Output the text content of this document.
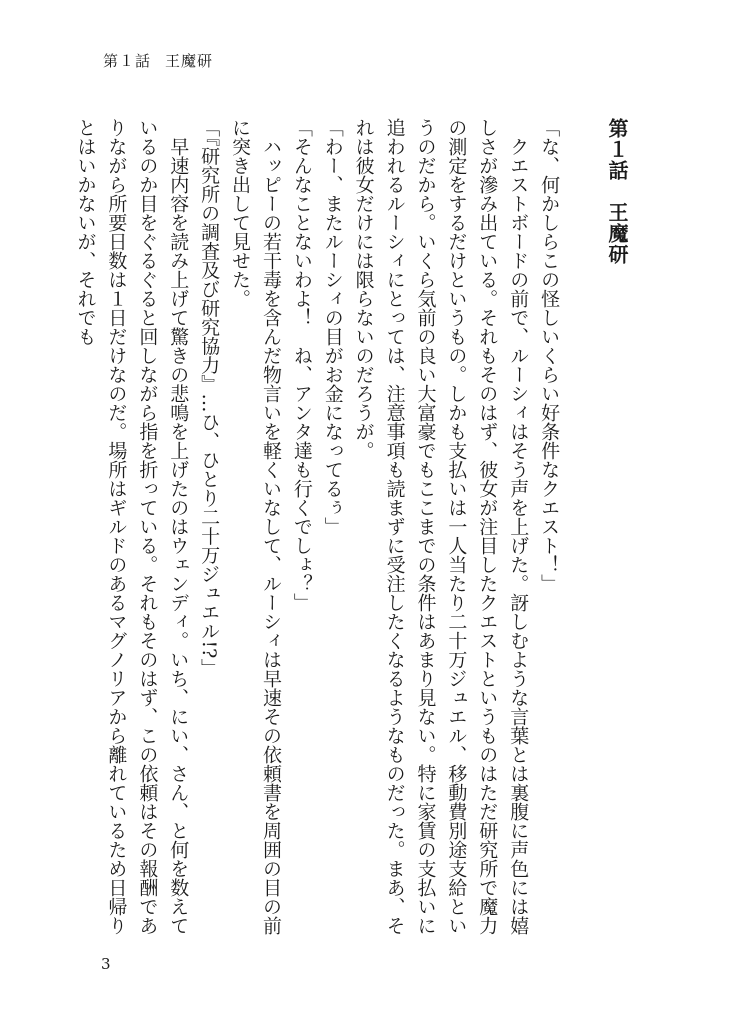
第１話 王魔研
第１話　王魔研

「な、何かしらこの怪しいくらい好条件なクエスト！」

クエストボードの前で、ルーシィはそう声を上げた。訝しむような言葉とは裏腹に声色には嬉しさが滲み出ている。それもそのはず、彼女が注目したクエストというものはただ研究所で魔力の測定をするだけというもの。しかも支払いは一人当たり二十万ジュエル、移動費別途支給というのだから。いくら気前の良い大富豪でもここまでの条件はあまり見ない。特に家賃の支払いに追われるルーシィにとっては、注意事項も読まずに受注したくなるようなものだった。まあ、それは彼女だけには限らないのだろうが。

「わー、またルーシィの目がお金になってるぅ」

「そんなことないわよ！　ね、アンタ達も行くでしょ？」

ハッピーの若干毒を含んだ物言いを軽くいなして、ルーシィは早速その依頼書を周囲の目の前に突き出して見せた。

「『研究所の調査及び研究協力』…ひ、ひとり二十万ジュエル!?」

早速内容を読み上げて驚きの悲鳴を上げたのはウェンディ。いち、にい、さん、と何を数えているのか目をぐるぐると回しながら指を折っている。それもそのはず、この依頼はその報酬でありながら所要日数は１日だけなのだ。場所はギルドのあるマグノリアから離れているため日帰りとはいかないが、それでも

3
